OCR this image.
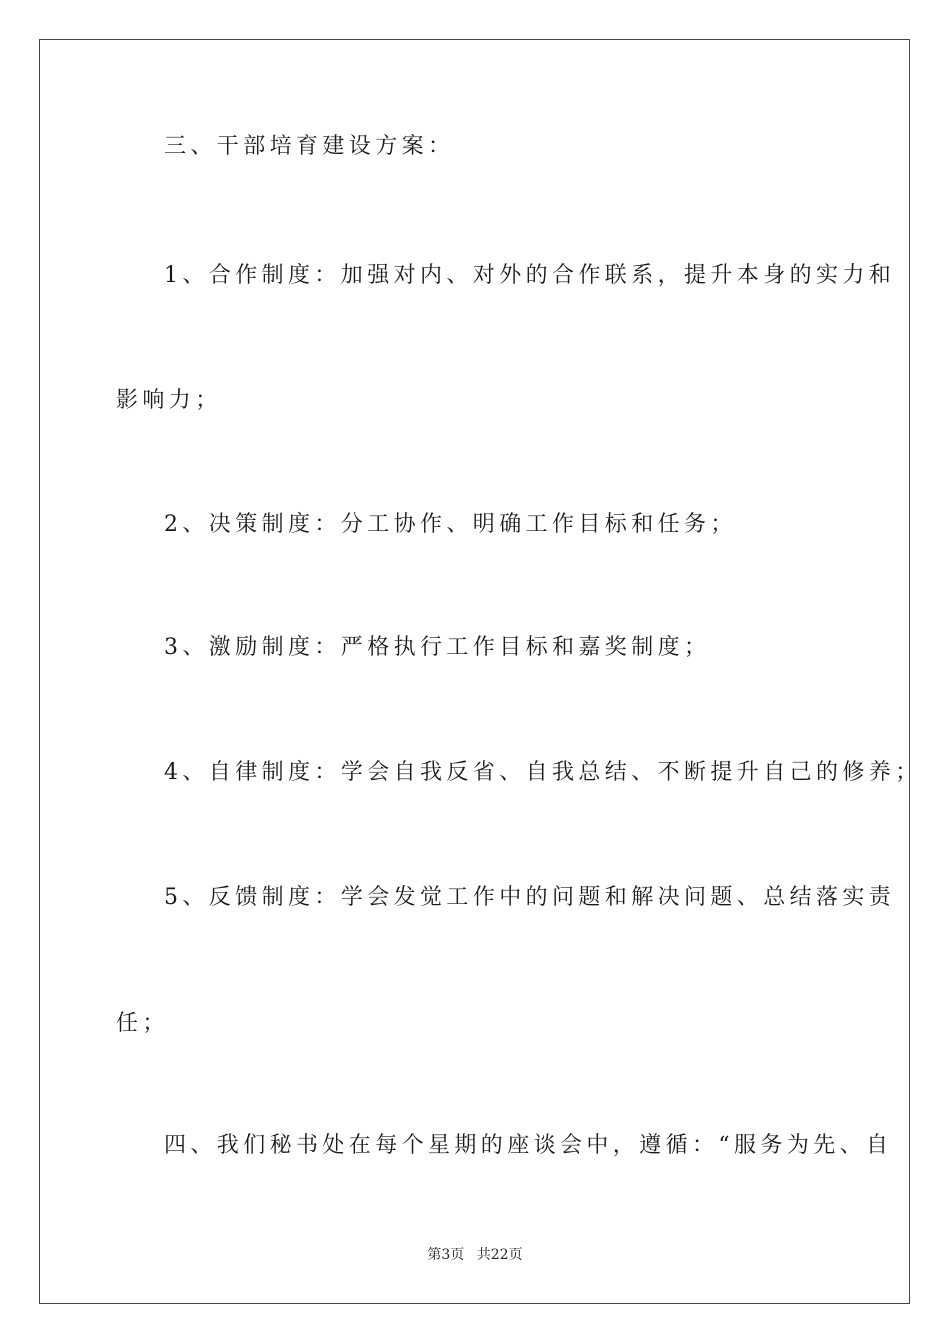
三、干部培育建设方案：
1、合作制度：加强对内、对外的合作联系，提升本身的实力和
影响力；
2、决策制度：分工协作、明确工作目标和任务；
3、激励制度：严格执行工作目标和嘉奖制度；
4、自律制度：学会自我反省、自我总结、不断提升自己的修养；
5、反馈制度：学会发觉工作中的问题和解决问题、总结落实责
任；
四、我们秘书处在每个星期的座谈会中，遵循：“服务为先、自
第3页 共22页
